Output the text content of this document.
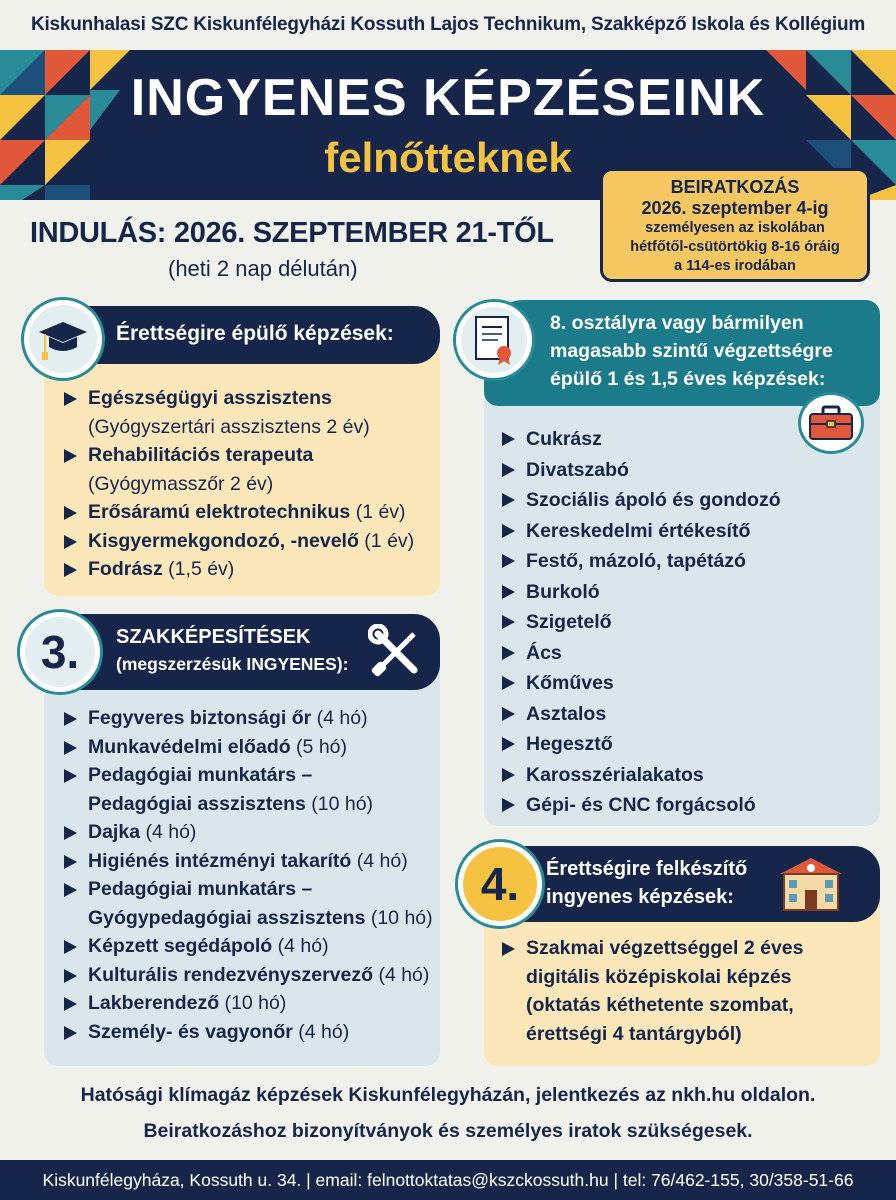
Kiskunhalasi SZC Kiskunfélegyházi Kossuth Lajos Technikum, Szakképző Iskola és Kollégium
INGYENES KÉPZÉSEINK
felnőtteknek
BEIRATKOZÁS
2026. szeptember 4-ig
személyesen az iskolában
hétfőtől-csütörtökig 8-16 óráig
a 114-es irodában
INDULÁS: 2026. SZEPTEMBER 21-TŐL
(heti 2 nap délután)
Érettségire épülő képzések:
Egészségügyi asszisztens
(Gyógyszertári asszisztens 2 év)
Rehabilitációs terapeuta
(Gyógymasszőr 2 év)
Erősáramú elektrotechnikus (1 év)
Kisgyermekgondozó, -nevelő (1 év)
Fodrász (1,5 év)
8. osztályra vagy bármilyen
magasabb szintű végzettségre
épülő 1 és 1,5 éves képzések:
Cukrász
Divatszabó
Szociális ápoló és gondozó
Kereskedelmi értékesítő
Festő, mázoló, tapétázó
Burkoló
Szigetelő
Ács
Kőműves
Asztalos
Hegesztő
Karosszérialakatos
Gépi- és CNC forgácsoló
SZAKKÉPESÍTÉSEK
(megszerzésük INGYENES):
3.
Fegyveres biztonsági őr (4 hó)
Munkavédelmi előadó (5 hó)
Pedagógiai munkatárs –
Pedagógiai asszisztens (10 hó)
Dajka (4 hó)
Higiénés intézményi takarító (4 hó)
Pedagógiai munkatárs –
Gyógypedagógiai asszisztens (10 hó)
Képzett segédápoló (4 hó)
Kulturális rendezvényszervező (4 hó)
Lakberendező (10 hó)
Személy- és vagyonőr (4 hó)
Érettségire felkészítő
ingyenes képzések:
4.
Szakmai végzettséggel 2 éves
digitális középiskolai képzés
(oktatás kéthetente szombat,
érettségi 4 tantárgyból)
Hatósági klímagáz képzések Kiskunfélegyházán, jelentkezés az nkh.hu oldalon.
Beiratkozáshoz bizonyítványok és személyes iratok szükségesek.
Kiskunfélegyháza, Kossuth u. 34. | email: felnottoktatas@kszckossuth.hu | tel: 76/462-155, 30/358-51-66
